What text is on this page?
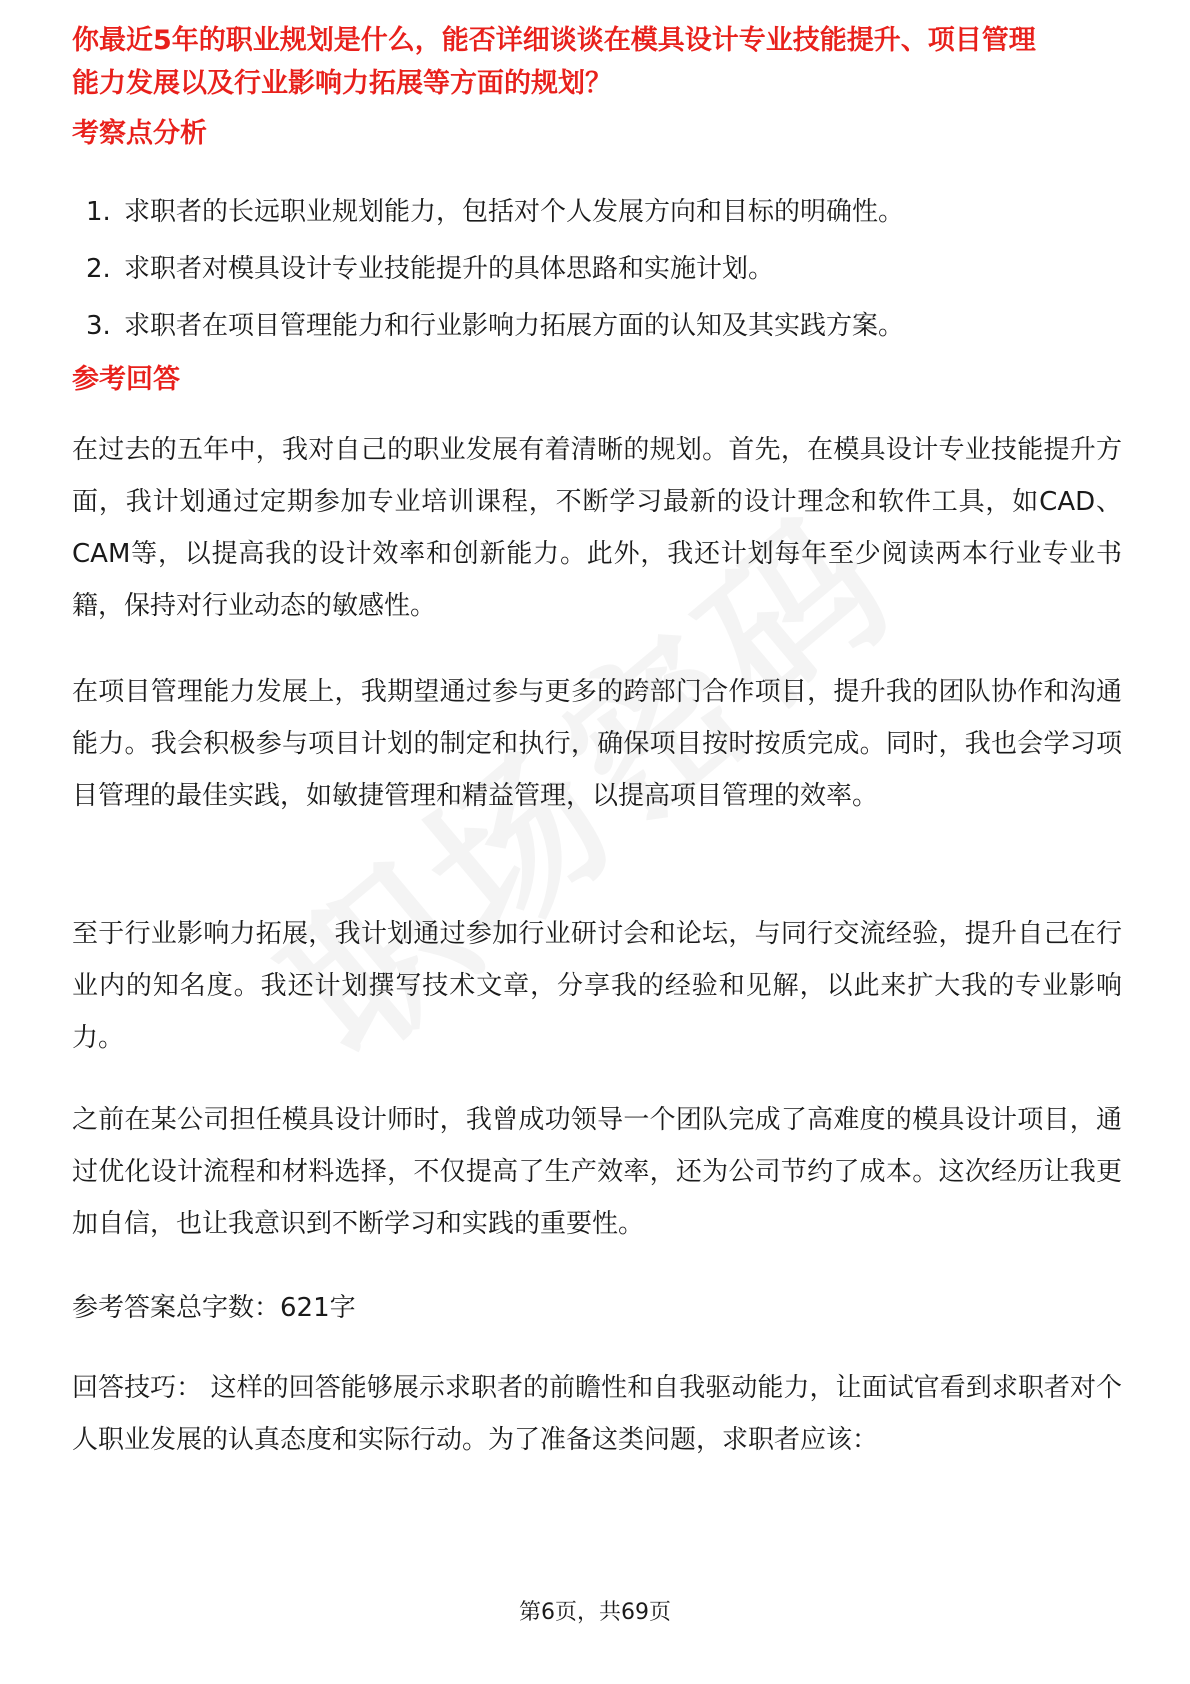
你最近5年的职业规划是什么，能否详细谈谈在模具设计专业技能提升、项目管理
能力发展以及行业影响力拓展等方面的规划？
考察点分析
1. 求职者的长远职业规划能力，包括对个人发展方向和目标的明确性。
2. 求职者对模具设计专业技能提升的具体思路和实施计划。
3. 求职者在项目管理能力和行业影响力拓展方面的认知及其实践方案。
参考回答

在过去的五年中，我对自己的职业发展有着清晰的规划。首先，在模具设计专业技能提升方面，我计划通过定期参加专业培训课程，不断学习最新的设计理念和软件工具，如CAD、CAM等，以提高我的设计效率和创新能力。此外，我还计划每年至少阅读两本行业专业书籍，保持对行业动态的敏感性。

在项目管理能力发展上，我期望通过参与更多的跨部门合作项目，提升我的团队协作和沟通能力。我会积极参与项目计划的制定和执行，确保项目按时按质完成。同时，我也会学习项目管理的最佳实践，如敏捷管理和精益管理，以提高项目管理的效率。

至于行业影响力拓展，我计划通过参加行业研讨会和论坛，与同行交流经验，提升自己在行业内的知名度。我还计划撰写技术文章，分享我的经验和见解，以此来扩大我的专业影响力。

之前在某公司担任模具设计师时，我曾成功领导一个团队完成了高难度的模具设计项目，通过优化设计流程和材料选择，不仅提高了生产效率，还为公司节约了成本。这次经历让我更加自信，也让我意识到不断学习和实践的重要性。

参考答案总字数：621字

回答技巧： 这样的回答能够展示求职者的前瞻性和自我驱动能力，让面试官看到求职者对个人职业发展的认真态度和实际行动。为了准备这类问题，求职者应该：

第6页，共69页
